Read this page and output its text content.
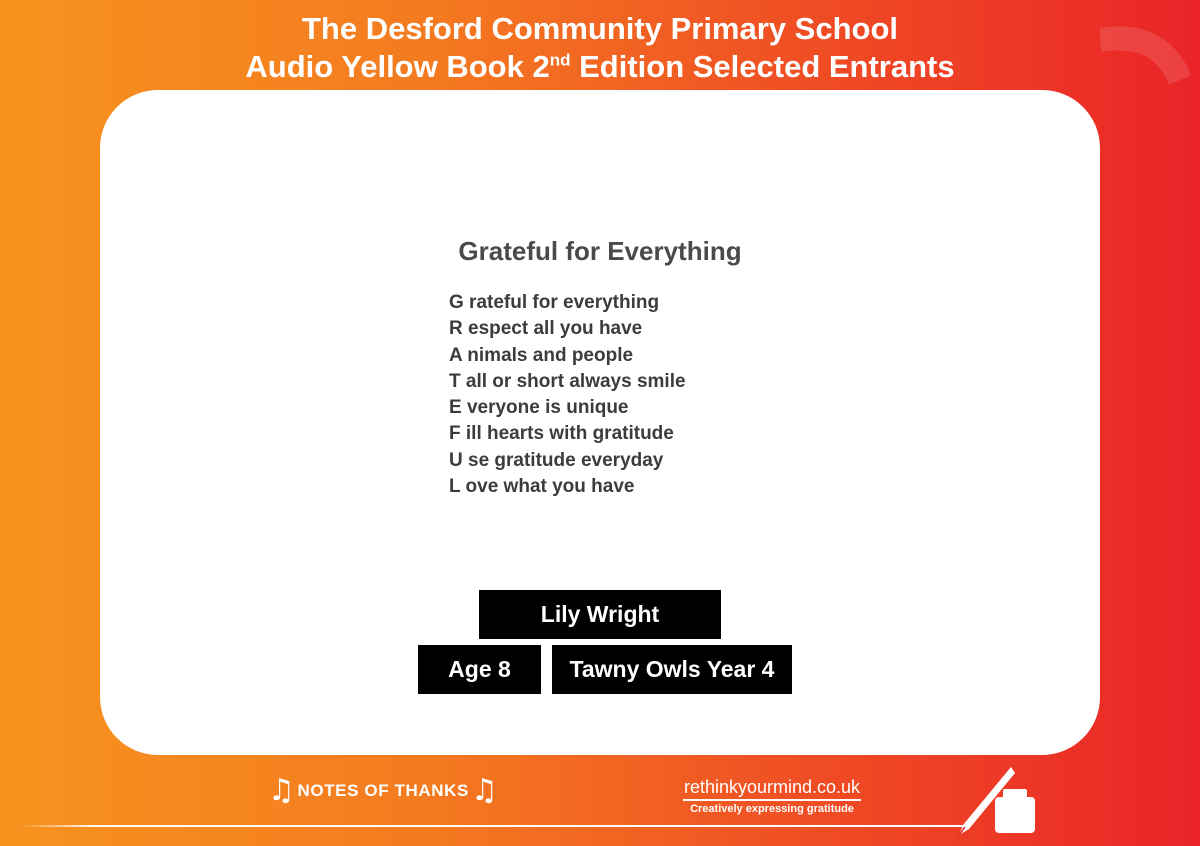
The Desford Community Primary School
Audio Yellow Book 2nd Edition Selected Entrants
Grateful for Everything
G rateful for everything
R espect all you have
A nimals and people
T all or short always smile
E veryone is unique
F ill hearts with gratitude
U se gratitude everyday
L ove what you have
Lily Wright
Age 8	Tawny Owls Year 4
♫ NOTES OF THANKS ♫	rethinkyourmind.co.uk
Creatively expressing gratitude
